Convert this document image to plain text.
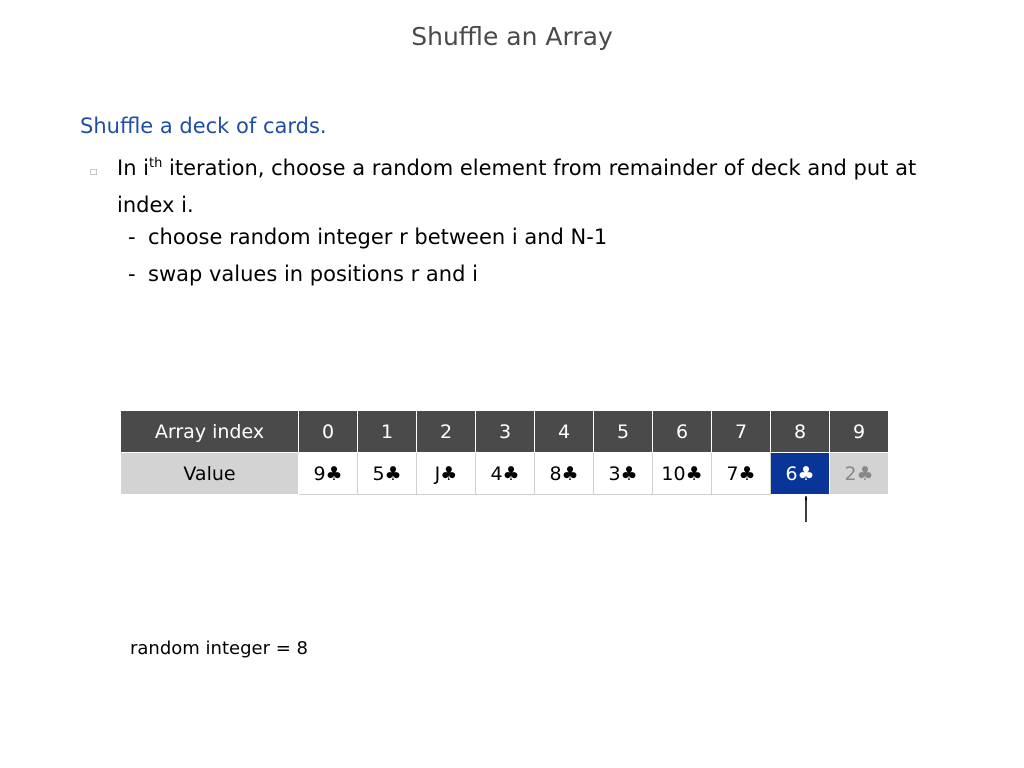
Shuffle an Array
Shuffle a deck of cards.
□ In $i^{th}$ iteration, choose a random element from remainder of deck and put at index i.
- choose random integer r between i and N-1
- swap values in positions r and i
Array index	0	1	2	3	4	5	6	7	8	9
Value	9♣	5♣	J♣	4♣	8♣	3♣	10♣	7♣	6♣	2♣
random integer = 8
